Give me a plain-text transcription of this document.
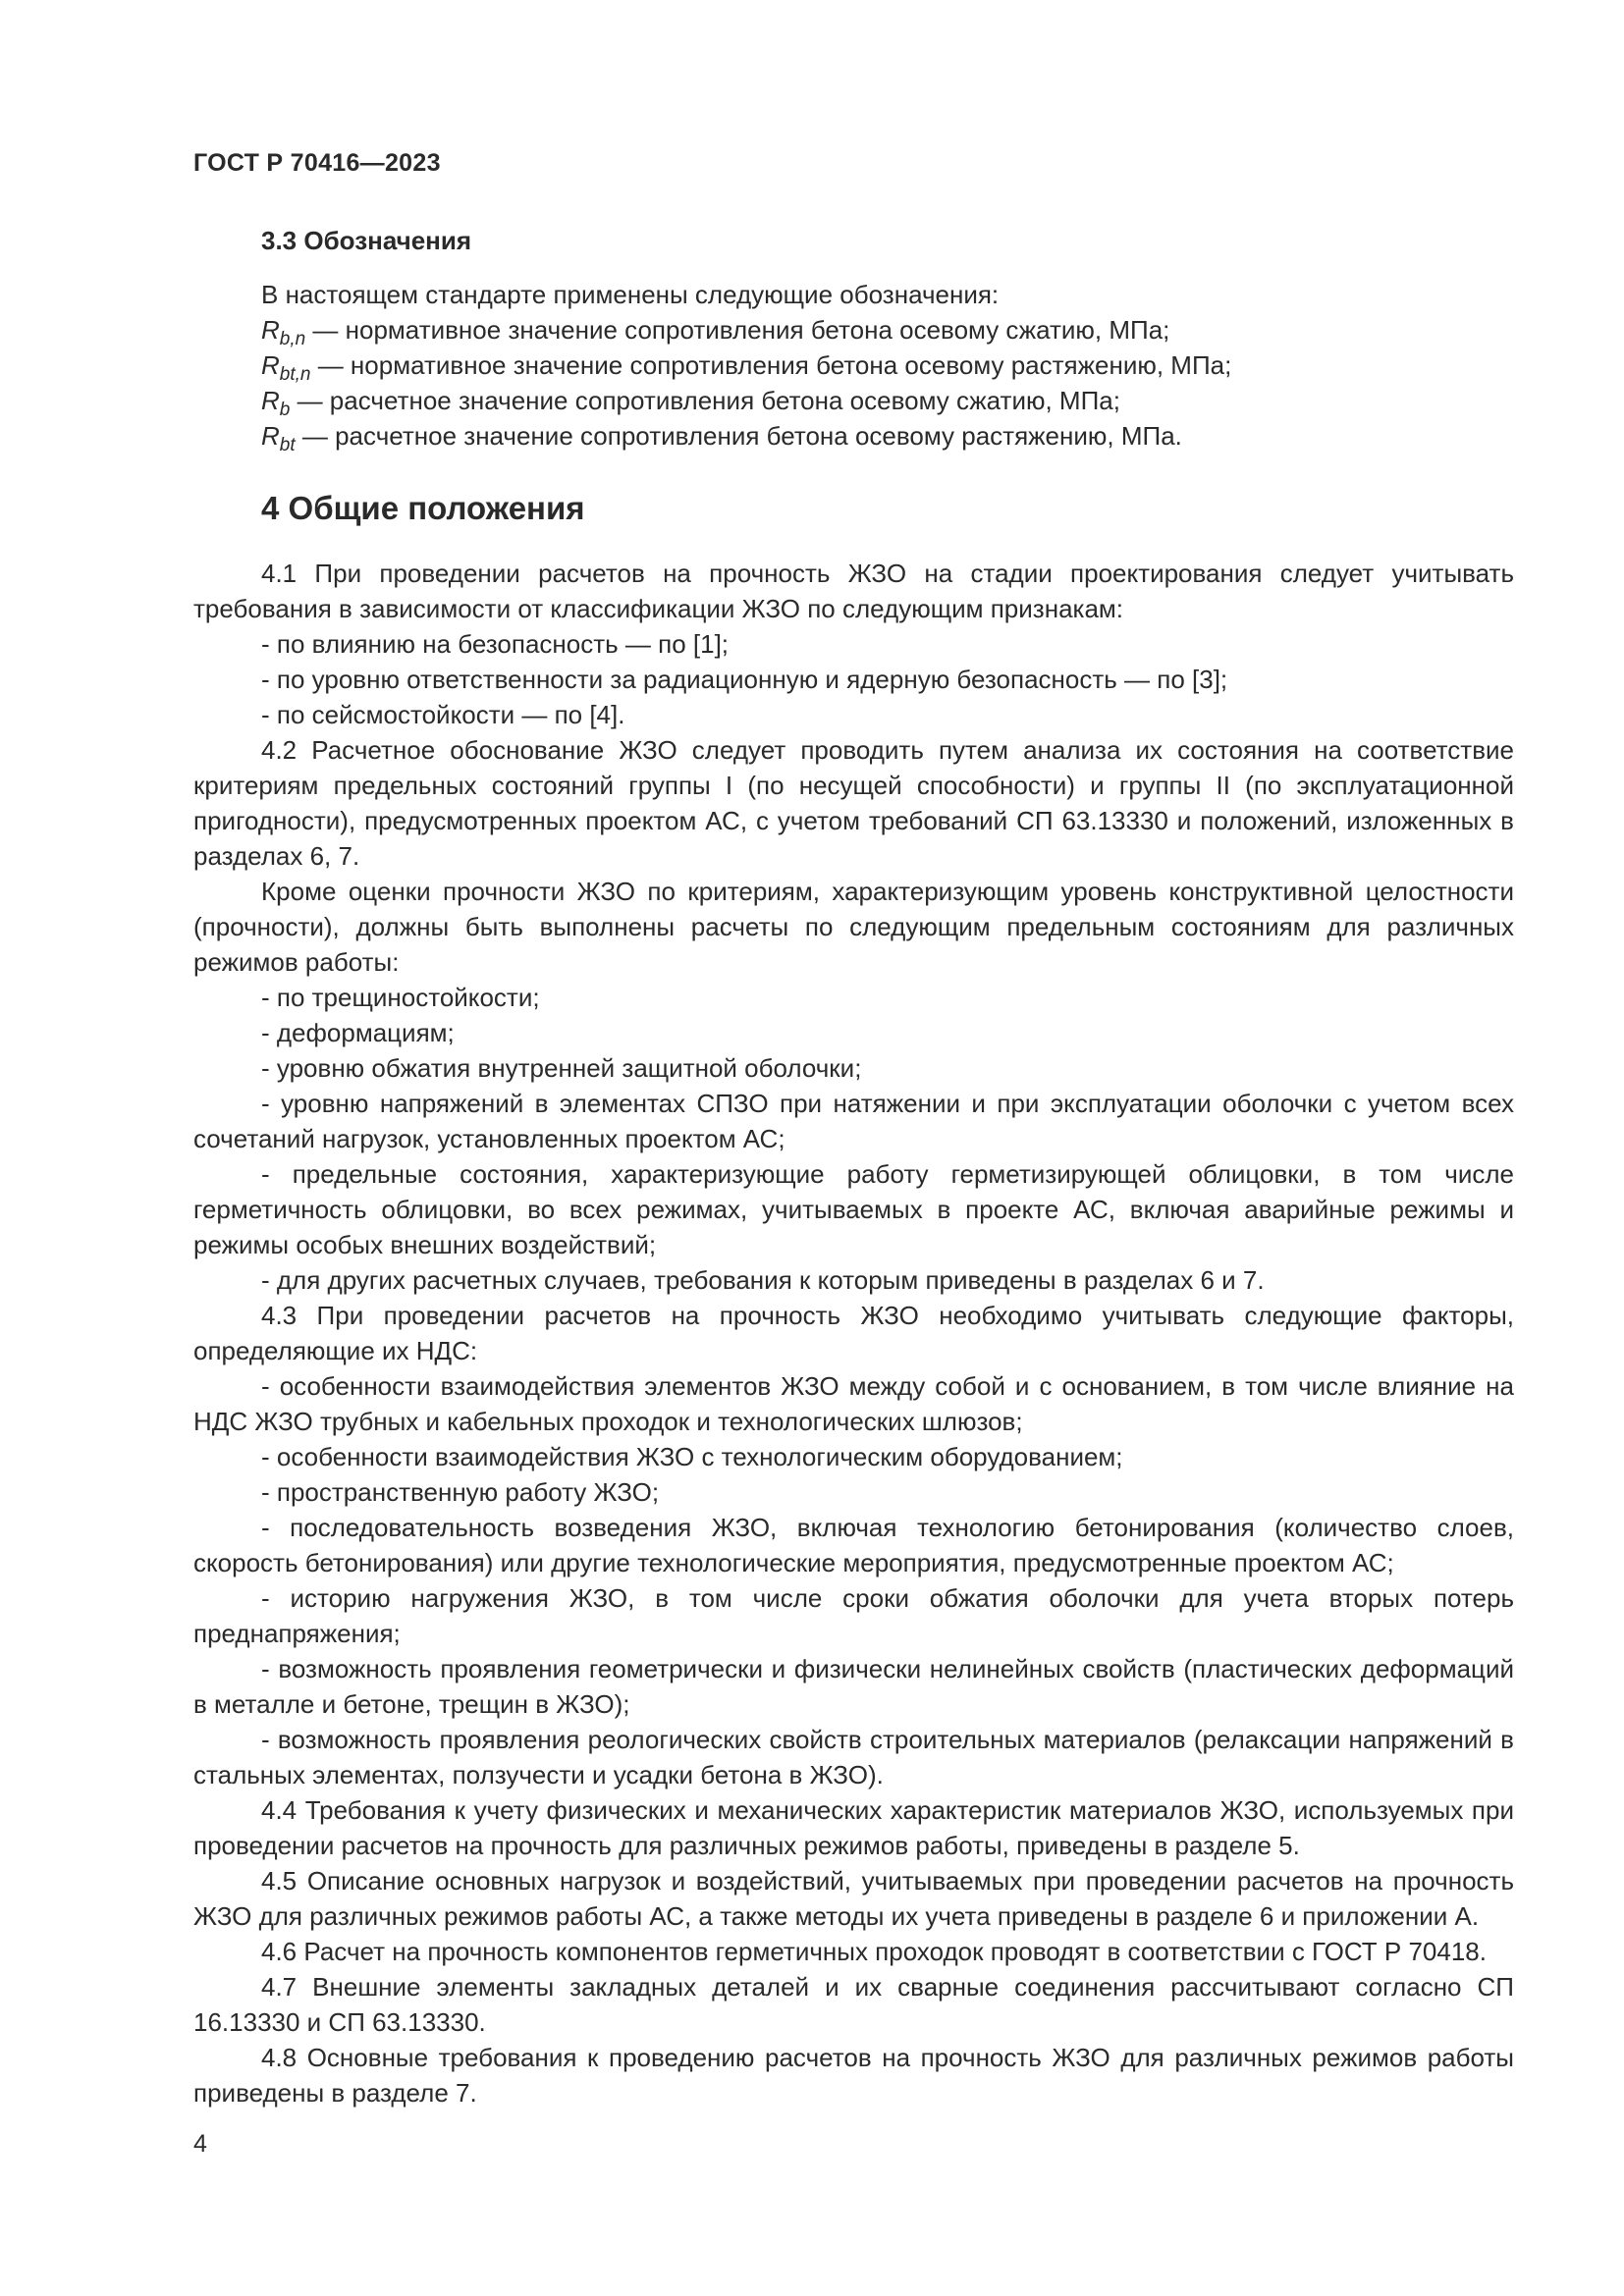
ГОСТ Р 70416—2023
3.3 Обозначения
В настоящем стандарте применены следующие обозначения:
$R_{b,n}$ — нормативное значение сопротивления бетона осевому сжатию, МПа;
$R_{bt,n}$ — нормативное значение сопротивления бетона осевому растяжению, МПа;
$R_b$ — расчетное значение сопротивления бетона осевому сжатию, МПа;
$R_{bt}$ — расчетное значение сопротивления бетона осевому растяжению, МПа.
4 Общие положения
4.1 При проведении расчетов на прочность ЖЗО на стадии проектирования следует учитывать требования в зависимости от классификации ЖЗО по следующим признакам:
- по влиянию на безопасность — по [1];
- по уровню ответственности за радиационную и ядерную безопасность — по [3];
- по сейсмостойкости — по [4].
4.2 Расчетное обоснование ЖЗО следует проводить путем анализа их состояния на соответствие критериям предельных состояний группы I (по несущей способности) и группы II (по эксплуатационной пригодности), предусмотренных проектом АС, с учетом требований СП 63.13330 и положений, изложенных в разделах 6, 7.
Кроме оценки прочности ЖЗО по критериям, характеризующим уровень конструктивной целостности (прочности), должны быть выполнены расчеты по следующим предельным состояниям для различных режимов работы:
- по трещиностойкости;
- деформациям;
- уровню обжатия внутренней защитной оболочки;
- уровню напряжений в элементах СПЗО при натяжении и при эксплуатации оболочки с учетом всех сочетаний нагрузок, установленных проектом АС;
- предельные состояния, характеризующие работу герметизирующей облицовки, в том числе герметичность облицовки, во всех режимах, учитываемых в проекте АС, включая аварийные режимы и режимы особых внешних воздействий;
- для других расчетных случаев, требования к которым приведены в разделах 6 и 7.
4.3 При проведении расчетов на прочность ЖЗО необходимо учитывать следующие факторы, определяющие их НДС:
- особенности взаимодействия элементов ЖЗО между собой и с основанием, в том числе влияние на НДС ЖЗО трубных и кабельных проходок и технологических шлюзов;
- особенности взаимодействия ЖЗО с технологическим оборудованием;
- пространственную работу ЖЗО;
- последовательность возведения ЖЗО, включая технологию бетонирования (количество слоев, скорость бетонирования) или другие технологические мероприятия, предусмотренные проектом АС;
- историю нагружения ЖЗО, в том числе сроки обжатия оболочки для учета вторых потерь преднапряжения;
- возможность проявления геометрически и физически нелинейных свойств (пластических деформаций в металле и бетоне, трещин в ЖЗО);
- возможность проявления реологических свойств строительных материалов (релаксации напряжений в стальных элементах, ползучести и усадки бетона в ЖЗО).
4.4 Требования к учету физических и механических характеристик материалов ЖЗО, используемых при проведении расчетов на прочность для различных режимов работы, приведены в разделе 5.
4.5 Описание основных нагрузок и воздействий, учитываемых при проведении расчетов на прочность ЖЗО для различных режимов работы АС, а также методы их учета приведены в разделе 6 и приложении А.
4.6 Расчет на прочность компонентов герметичных проходок проводят в соответствии с ГОСТ Р 70418.
4.7 Внешние элементы закладных деталей и их сварные соединения рассчитывают согласно СП 16.13330 и СП 63.13330.
4.8 Основные требования к проведению расчетов на прочность ЖЗО для различных режимов работы приведены в разделе 7.
4
